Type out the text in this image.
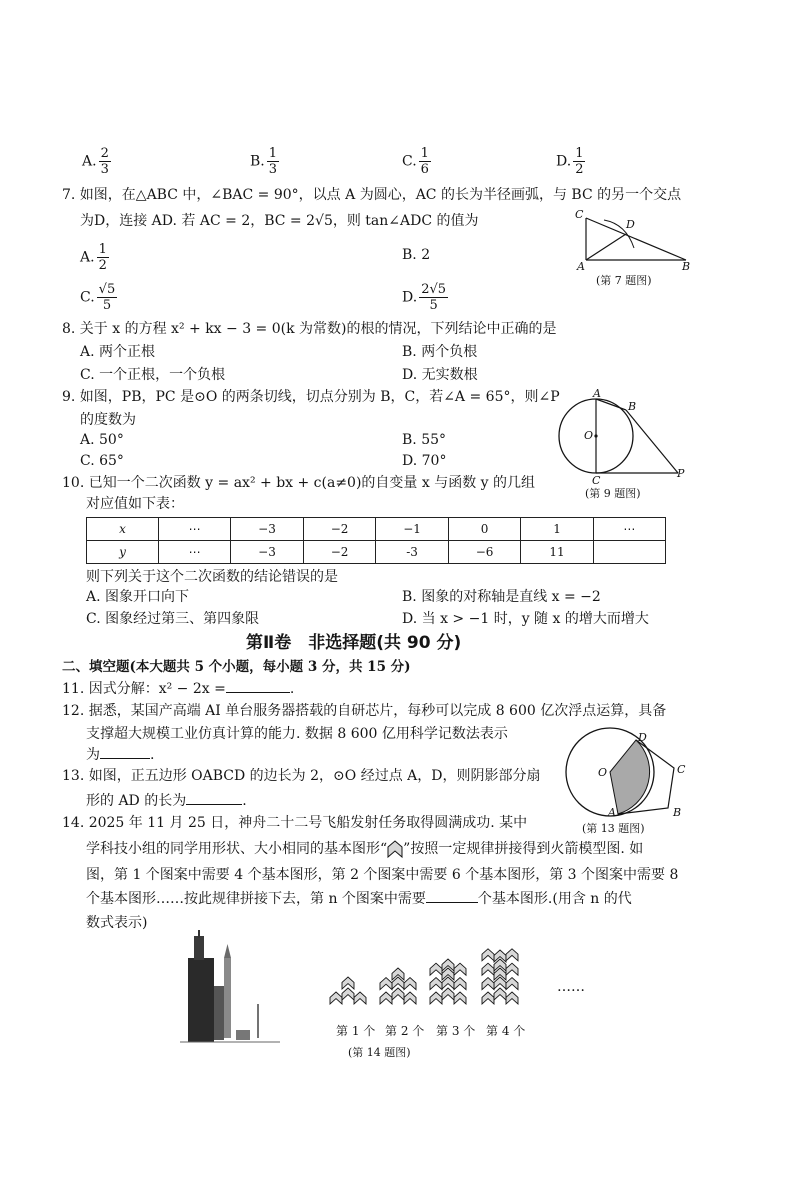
A. $\frac{2}{3}$	B. $\frac{1}{3}$	C. $\frac{1}{6}$	D. $\frac{1}{2}$
7. 如图，在△ABC 中，∠BAC = 90°，以点 A 为圆心，AC 的长为半径画弧，与 BC 的另一个交点
为D，连接 AD. 若 AC = 2，BC = 2√5，则 tan∠ADC 的值为
A. $\frac{1}{2}$	B. 2
C. $\frac{√5}{5}$	D. $\frac{2√5}{5}$
C
D
A	B
(第 7 题图)
8. 关于 x 的方程 x² + kx − 3 = 0(k 为常数)的根的情况，下列结论中正确的是
A. 两个正根	B. 两个负根
C. 一个正根，一个负根	D. 无实数根
9. 如图，PB，PC 是⊙O 的两条切线，切点分别为 B，C，若∠A = 65°，则∠P
的度数为
A. 50°	B. 55°
C. 65°	D. 70°
A
B
O
C
P
(第 9 题图)
10. 已知一个二次函数 y = ax² + bx + c(a≠0)的自变量 x 与函数 y 的几组
对应值如下表：
x	⋯	−3	−2	−1	0	1	⋯
y	⋯	−3	−2	-3	−6	11	
则下列关于这个二次函数的结论错误的是
A. 图象开口向下	B. 图象的对称轴是直线 x = −2
C. 图象经过第三、第四象限	D. 当 x > −1 时，y 随 x 的增大而增大
第Ⅱ卷　非选择题(共 90 分)
二、填空题(本大题共 5 个小题，每小题 3 分，共 15 分)
11. 因式分解：x² − 2x =	.
12. 据悉，某国产高端 AI 单台服务器搭载的自研芯片，每秒可以完成 8 600 亿次浮点运算，具备
支撑超大规模工业仿真计算的能力. 数据 8 600 亿用科学记数法表示
为	.
13. 如图，正五边形 OABCD 的边长为 2，⊙O 经过点 A，D，则阴影部分扇
形的 AD 的长为	.
O
D
C
A	B
(第 13 题图)
14. 2025 年 11 月 25 日，神舟二十二号飞船发射任务取得圆满成功. 某中
学科技小组的同学用形状、大小相同的基本图形“ ”按照一定规律拼接得到火箭模型图. 如
图，第 1 个图案中需要 4 个基本图形，第 2 个图案中需要 6 个基本图形，第 3 个图案中需要 8
个基本图形……按此规律拼接下去，第 n 个图案中需要	个基本图形.(用含 n 的代
数式表示)
……
第 1 个 第 2 个 第 3 个 第 4 个
(第 14 题图)
